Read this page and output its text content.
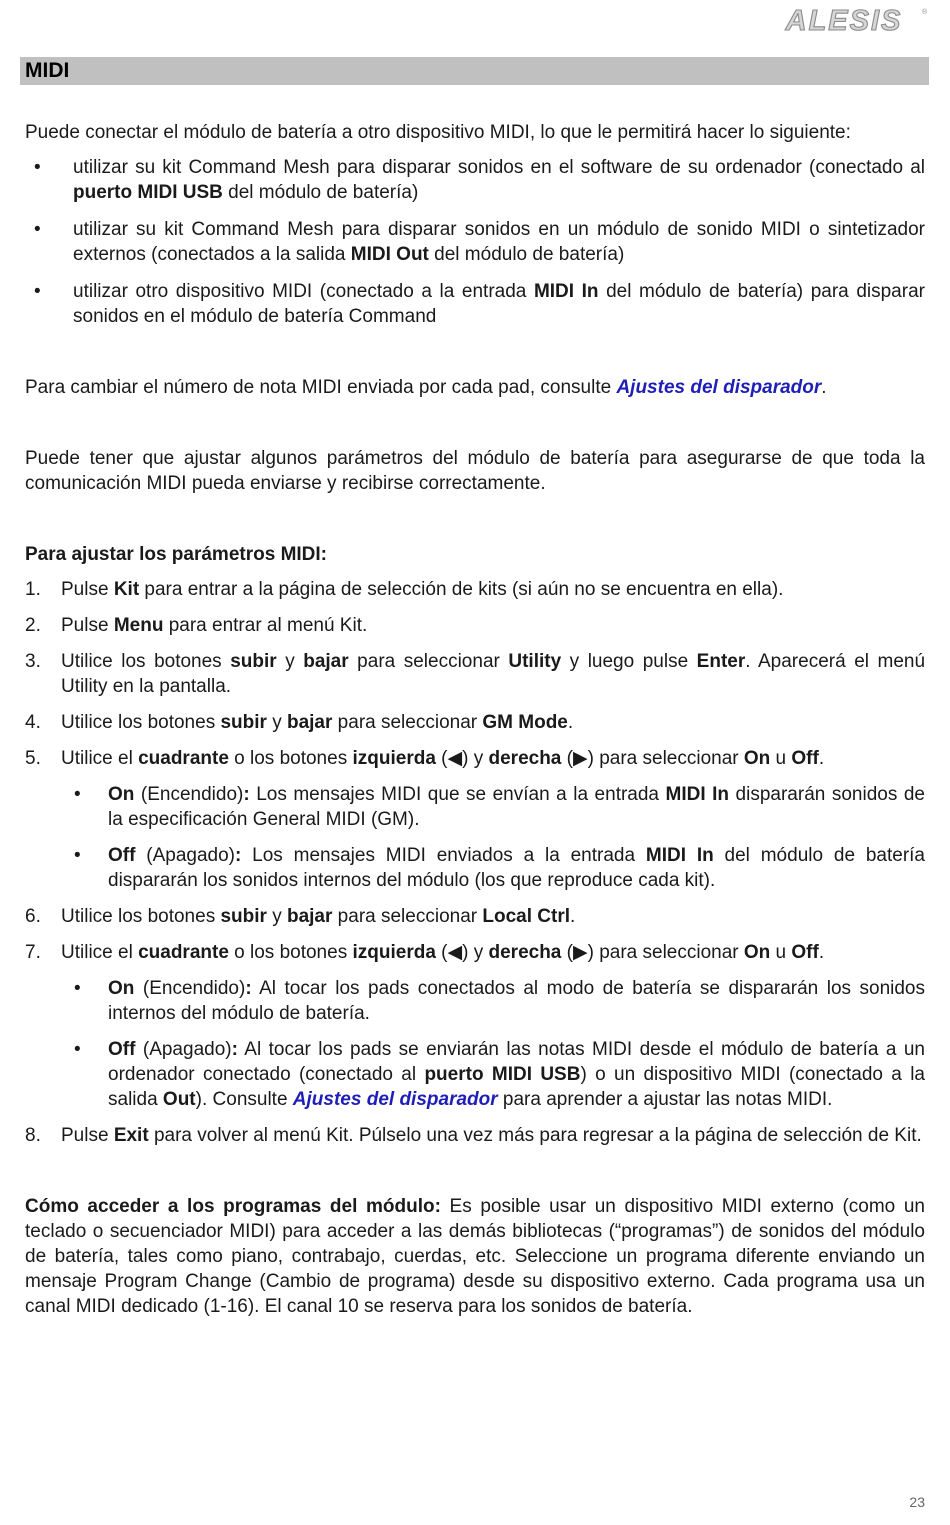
ALESIS	®
MIDI

Puede conectar el módulo de batería a otro dispositivo MIDI, lo que le permitirá hacer lo siguiente:

• utilizar su kit Command Mesh para disparar sonidos en el software de su ordenador (conectado al puerto MIDI USB del módulo de batería)
• utilizar su kit Command Mesh para disparar sonidos en un módulo de sonido MIDI o sintetizador externos (conectados a la salida MIDI Out del módulo de batería)
• utilizar otro dispositivo MIDI (conectado a la entrada MIDI In del módulo de batería) para disparar sonidos en el módulo de batería Command

Para cambiar el número de nota MIDI enviada por cada pad, consulte Ajustes del disparador.

Puede tener que ajustar algunos parámetros del módulo de batería para asegurarse de que toda la comunicación MIDI pueda enviarse y recibirse correctamente.

Para ajustar los parámetros MIDI:

1. Pulse Kit para entrar a la página de selección de kits (si aún no se encuentra en ella).
2. Pulse Menu para entrar al menú Kit.
3. Utilice los botones subir y bajar para seleccionar Utility y luego pulse Enter. Aparecerá el menú Utility en la pantalla.
4. Utilice los botones subir y bajar para seleccionar GM Mode.
5. Utilice el cuadrante o los botones izquierda (◀) y derecha (▶) para seleccionar On u Off.
• On (Encendido): Los mensajes MIDI que se envían a la entrada MIDI In dispararán sonidos de la especificación General MIDI (GM).
• Off (Apagado): Los mensajes MIDI enviados a la entrada MIDI In del módulo de batería dispararán los sonidos internos del módulo (los que reproduce cada kit).
6. Utilice los botones subir y bajar para seleccionar Local Ctrl.
7. Utilice el cuadrante o los botones izquierda (◀) y derecha (▶) para seleccionar On u Off.
• On (Encendido): Al tocar los pads conectados al modo de batería se dispararán los sonidos internos del módulo de batería.
• Off (Apagado): Al tocar los pads se enviarán las notas MIDI desde el módulo de batería a un ordenador conectado (conectado al puerto MIDI USB) o un dispositivo MIDI (conectado a la salida Out). Consulte Ajustes del disparador para aprender a ajustar las notas MIDI.
8. Pulse Exit para volver al menú Kit. Púlselo una vez más para regresar a la página de selección de Kit.

Cómo acceder a los programas del módulo: Es posible usar un dispositivo MIDI externo (como un teclado o secuenciador MIDI) para acceder a las demás bibliotecas (“programas”) de sonidos del módulo de batería, tales como piano, contrabajo, cuerdas, etc. Seleccione un programa diferente enviando un mensaje Program Change (Cambio de programa) desde su dispositivo externo. Cada programa usa un canal MIDI dedicado (1-16). El canal 10 se reserva para los sonidos de batería.

23
